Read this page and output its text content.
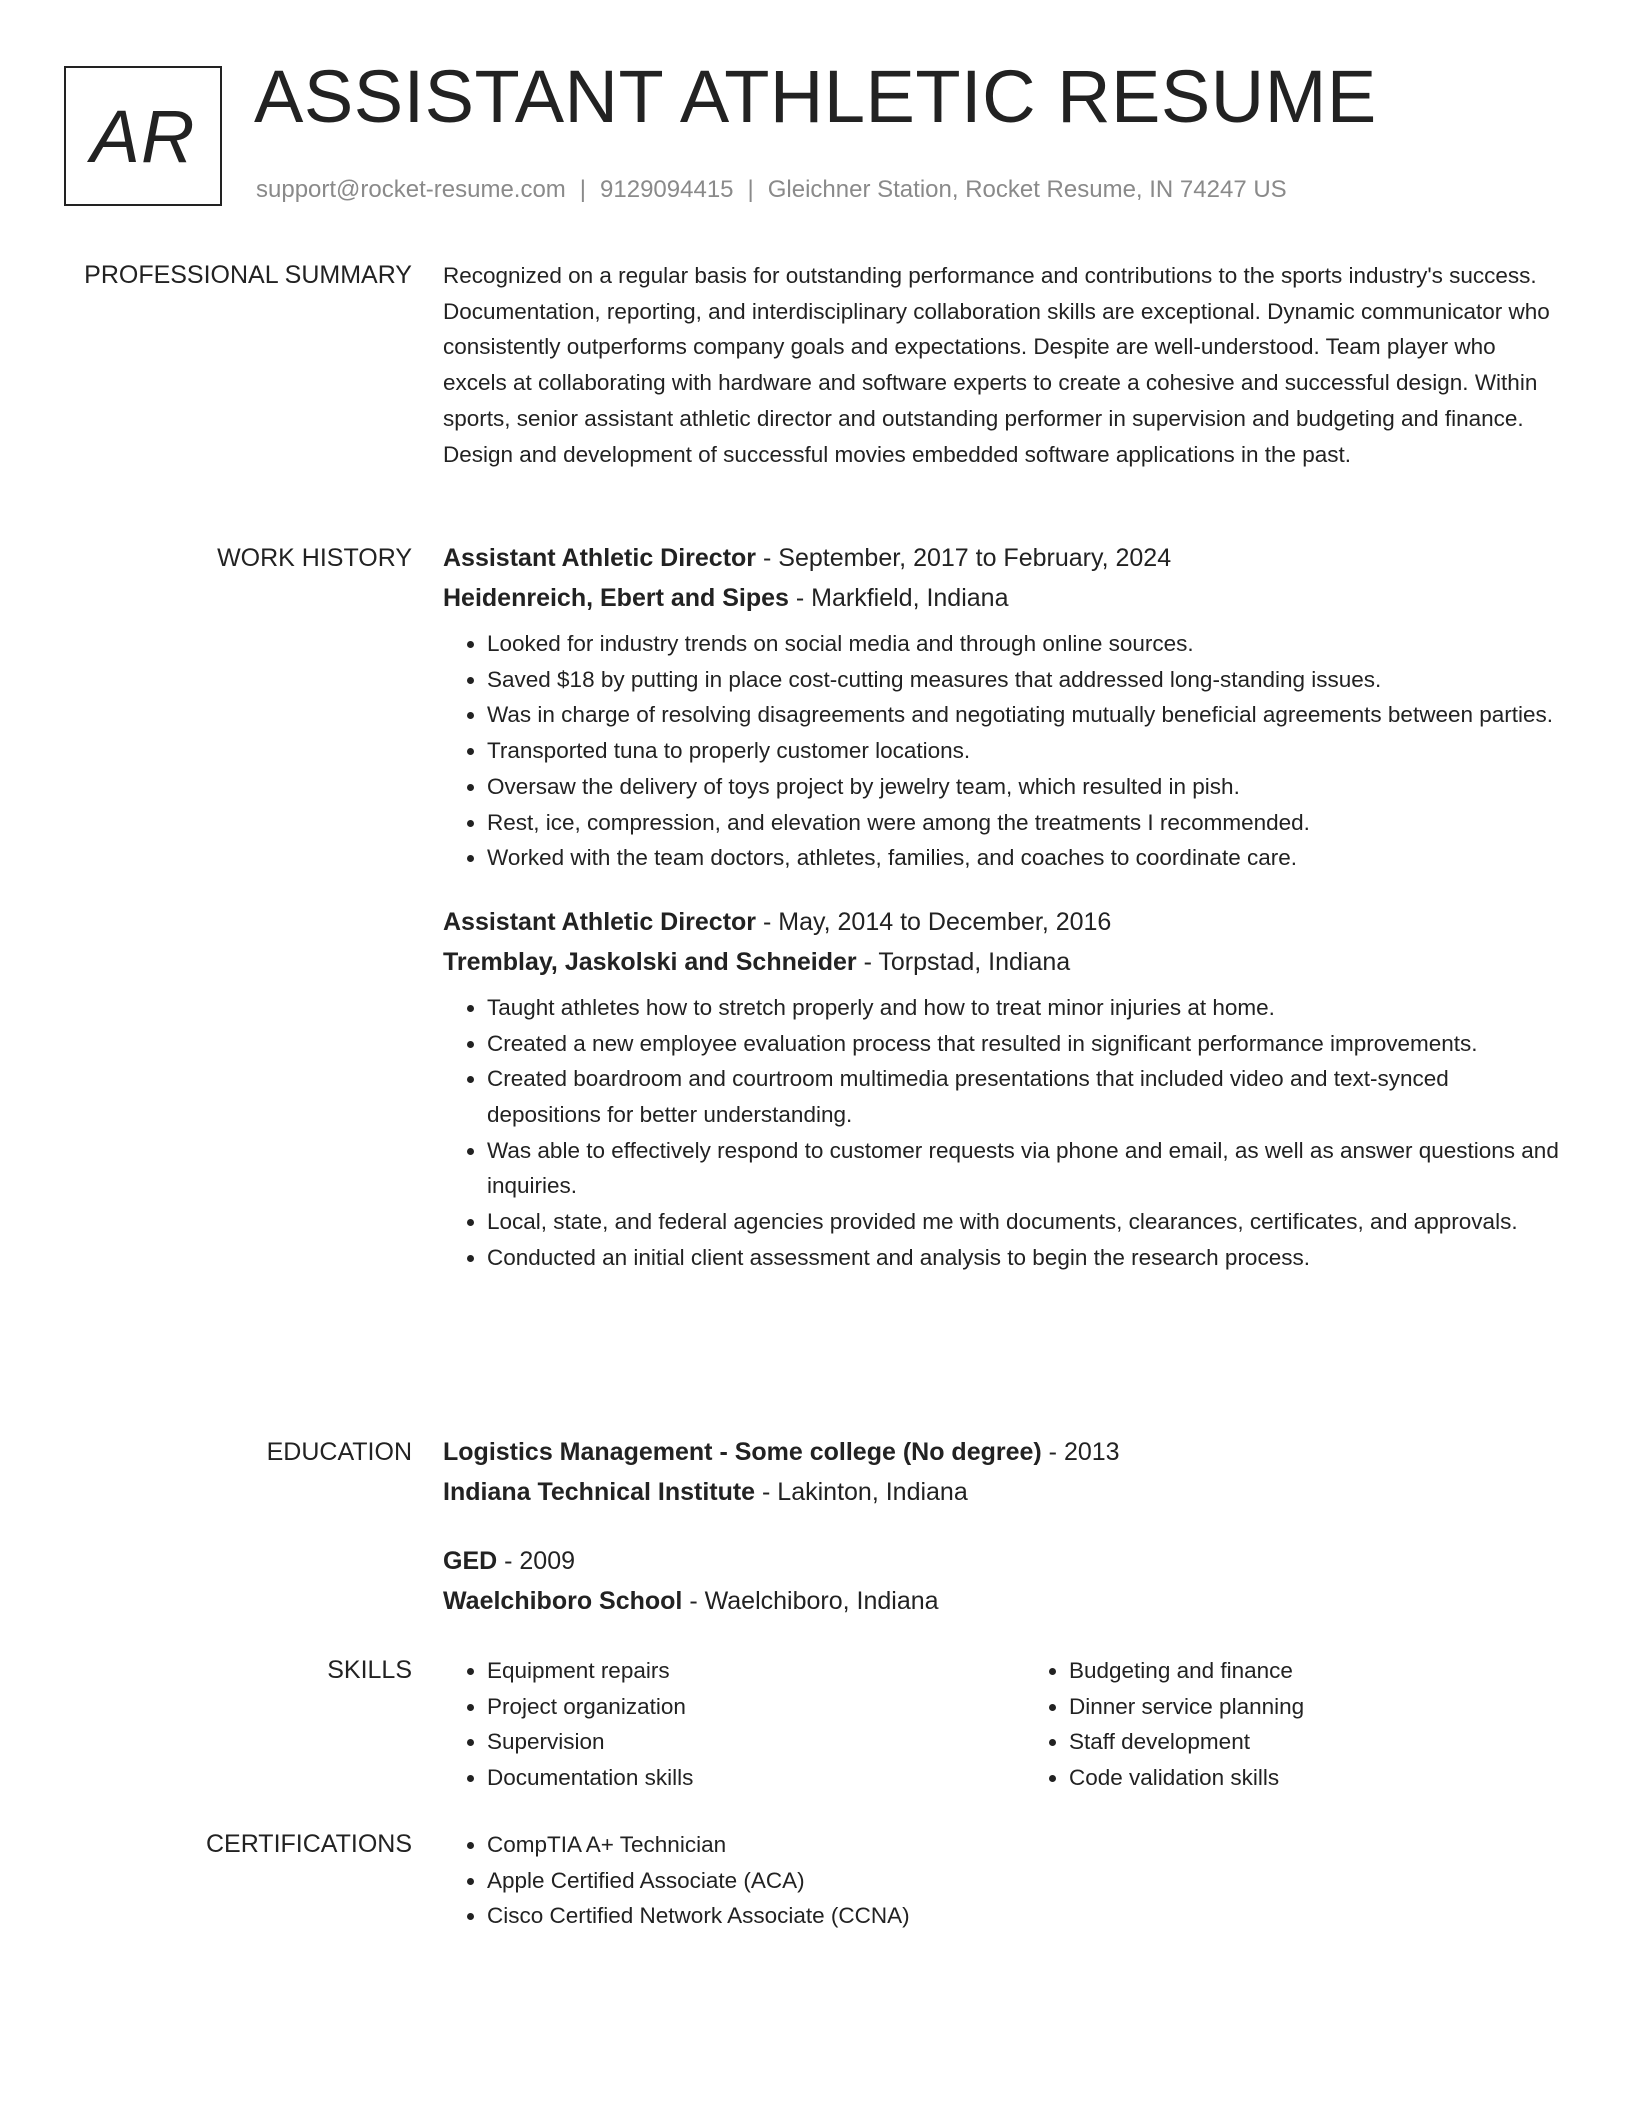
AR ASSISTANT ATHLETIC RESUME
support@rocket-resume.com | 9129094415 | Gleichner Station, Rocket Resume, IN 74247 US
PROFESSIONAL SUMMARY Recognized on a regular basis for outstanding performance and contributions to the sports industry's success. Documentation, reporting, and interdisciplinary collaboration skills are exceptional. Dynamic communicator who consistently outperforms company goals and expectations. Despite are well-understood. Team player who excels at collaborating with hardware and software experts to create a cohesive and successful design. Within sports, senior assistant athletic director and outstanding performer in supervision and budgeting and finance. Design and development of successful movies embedded software applications in the past.

WORK HISTORY Assistant Athletic Director - September, 2017 to February, 2024
Heidenreich, Ebert and Sipes - Markfield, Indiana
• Looked for industry trends on social media and through online sources.
• Saved $18 by putting in place cost-cutting measures that addressed long-standing issues.
• Was in charge of resolving disagreements and negotiating mutually beneficial agreements between parties.
• Transported tuna to properly customer locations.
• Oversaw the delivery of toys project by jewelry team, which resulted in pish.
• Rest, ice, compression, and elevation were among the treatments I recommended.
• Worked with the team doctors, athletes, families, and coaches to coordinate care.
Assistant Athletic Director - May, 2014 to December, 2016
Tremblay, Jaskolski and Schneider - Torpstad, Indiana
• Taught athletes how to stretch properly and how to treat minor injuries at home.
• Created a new employee evaluation process that resulted in significant performance improvements.
• Created boardroom and courtroom multimedia presentations that included video and text-synced depositions for better understanding.
• Was able to effectively respond to customer requests via phone and email, as well as answer questions and inquiries.
• Local, state, and federal agencies provided me with documents, clearances, certificates, and approvals.
• Conducted an initial client assessment and analysis to begin the research process.
EDUCATION Logistics Management - Some college (No degree) - 2013
Indiana Technical Institute - Lakinton, Indiana
GED - 2009
Waelchiboro School - Waelchiboro, Indiana
SKILLS	• Equipment repairs
• Project organization
• Supervision
• Documentation skills
• Budgeting and finance
• Dinner service planning
• Staff development
• Code validation skills
CERTIFICATIONS	• CompTIA A+ Technician
• Apple Certified Associate (ACA)
• Cisco Certified Network Associate (CCNA)
